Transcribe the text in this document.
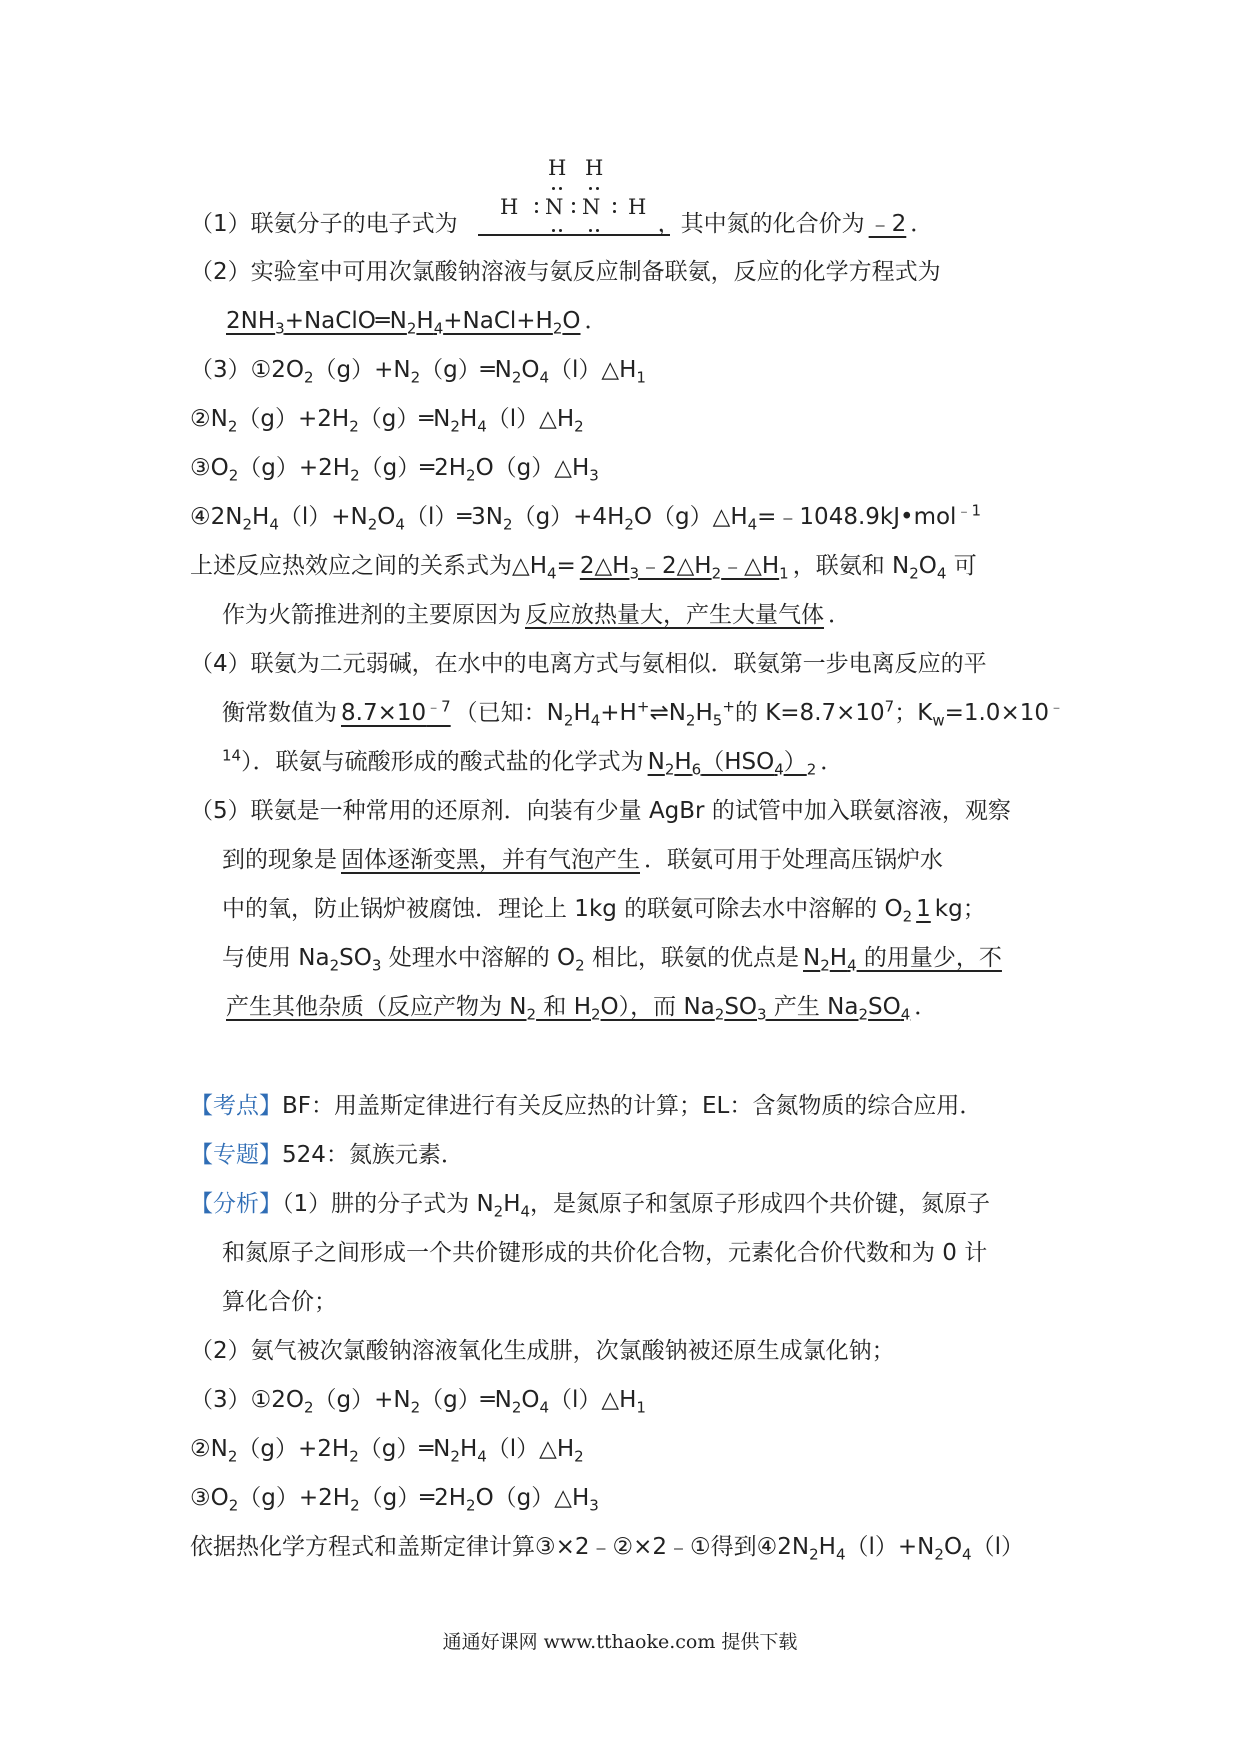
H H
H N N H
（1）联氨分子的电子式为	，其中氮的化合价为 ﹣2 ．
（2）实验室中可用次氯酸钠溶液与氨反应制备联氨，反应的化学方程式为
$2NH_3+NaClO═N_2H_4+NaCl+H_2O$ ．
$(3)①2O_2(g)+N_2(g)═N_2O_4(l)\triangle H_1$
$②N_2(g)+2H_2(g)═N_2H_4(l)\triangle H_2$
$③O_2(g)+2H_2(g)═2H_2O(g)\triangle H_3$
$④2N_2H_4(l)+N_2O_4(l)═3N_2(g)+4H_2O(g)\triangle H_4=﹣1048.9kJ•mol^{﹣1}$
上述反应热效应之间的关系式为$\triangle H_4=$ $2\triangle H_3﹣2\triangle H_2﹣\triangle H_1$ ，联氨和 $N_2O_4$ 可
作为火箭推进剂的主要原因为 反应放热量大，产生大量气体 ．
（4）联氨为二元弱碱，在水中的电离方式与氨相似．联氨第一步电离反应的平
衡常数值为 $8.7\times 10^{﹣7}$ （已知：$N_2H_4+H^+\rightleftharpoons N_2H_5^+$的 $K=8.7\times 10^7$；$K_w=1.0\times 10^﹣$
$^{14}$）．联氨与硫酸形成的酸式盐的化学式为 $N_2H_6(HSO_4)_2$ ．
（5）联氨是一种常用的还原剂．向装有少量 AgBr 的试管中加入联氨溶液，观察
到的现象是 固体逐渐变黑，并有气泡产生 ．联氨可用于处理高压锅炉水
中的氧，防止锅炉被腐蚀．理论上 1kg 的联氨可除去水中溶解的 $O_2$ 1 kg；
与使用 $Na_2SO_3$ 处理水中溶解的 $O_2$ 相比，联氨的优点是 $N_2H_4$ 的用量少，不
产生其他杂质（反应产物为 $N_2$ 和 $H_2O$），而 $Na_2SO_3$ 产生 $Na_2SO_4$ ．
【考点】BF：用盖斯定律进行有关反应热的计算；EL：含氮物质的综合应用．
【专题】524：氮族元素．
【分析】（1）肼的分子式为 $N_2H_4$，是氮原子和氢原子形成四个共价键，氮原子
和氮原子之间形成一个共价键形成的共价化合物，元素化合价代数和为 0 计
算化合价；
（2）氨气被次氯酸钠溶液氧化生成肼，次氯酸钠被还原生成氯化钠；
$(3)①2O_2(g)+N_2(g)═N_2O_4(l)\triangle H_1$
$②N_2(g)+2H_2(g)═N_2H_4(l)\triangle H_2$
$③O_2(g)+2H_2(g)═2H_2O(g)\triangle H_3$
依据热化学方程式和盖斯定律计算③×2﹣②×2﹣①得到$④2N_2H_4(l)+N_2O_4(l)$
通通好课网 www.tthaoke.com 提供下载
